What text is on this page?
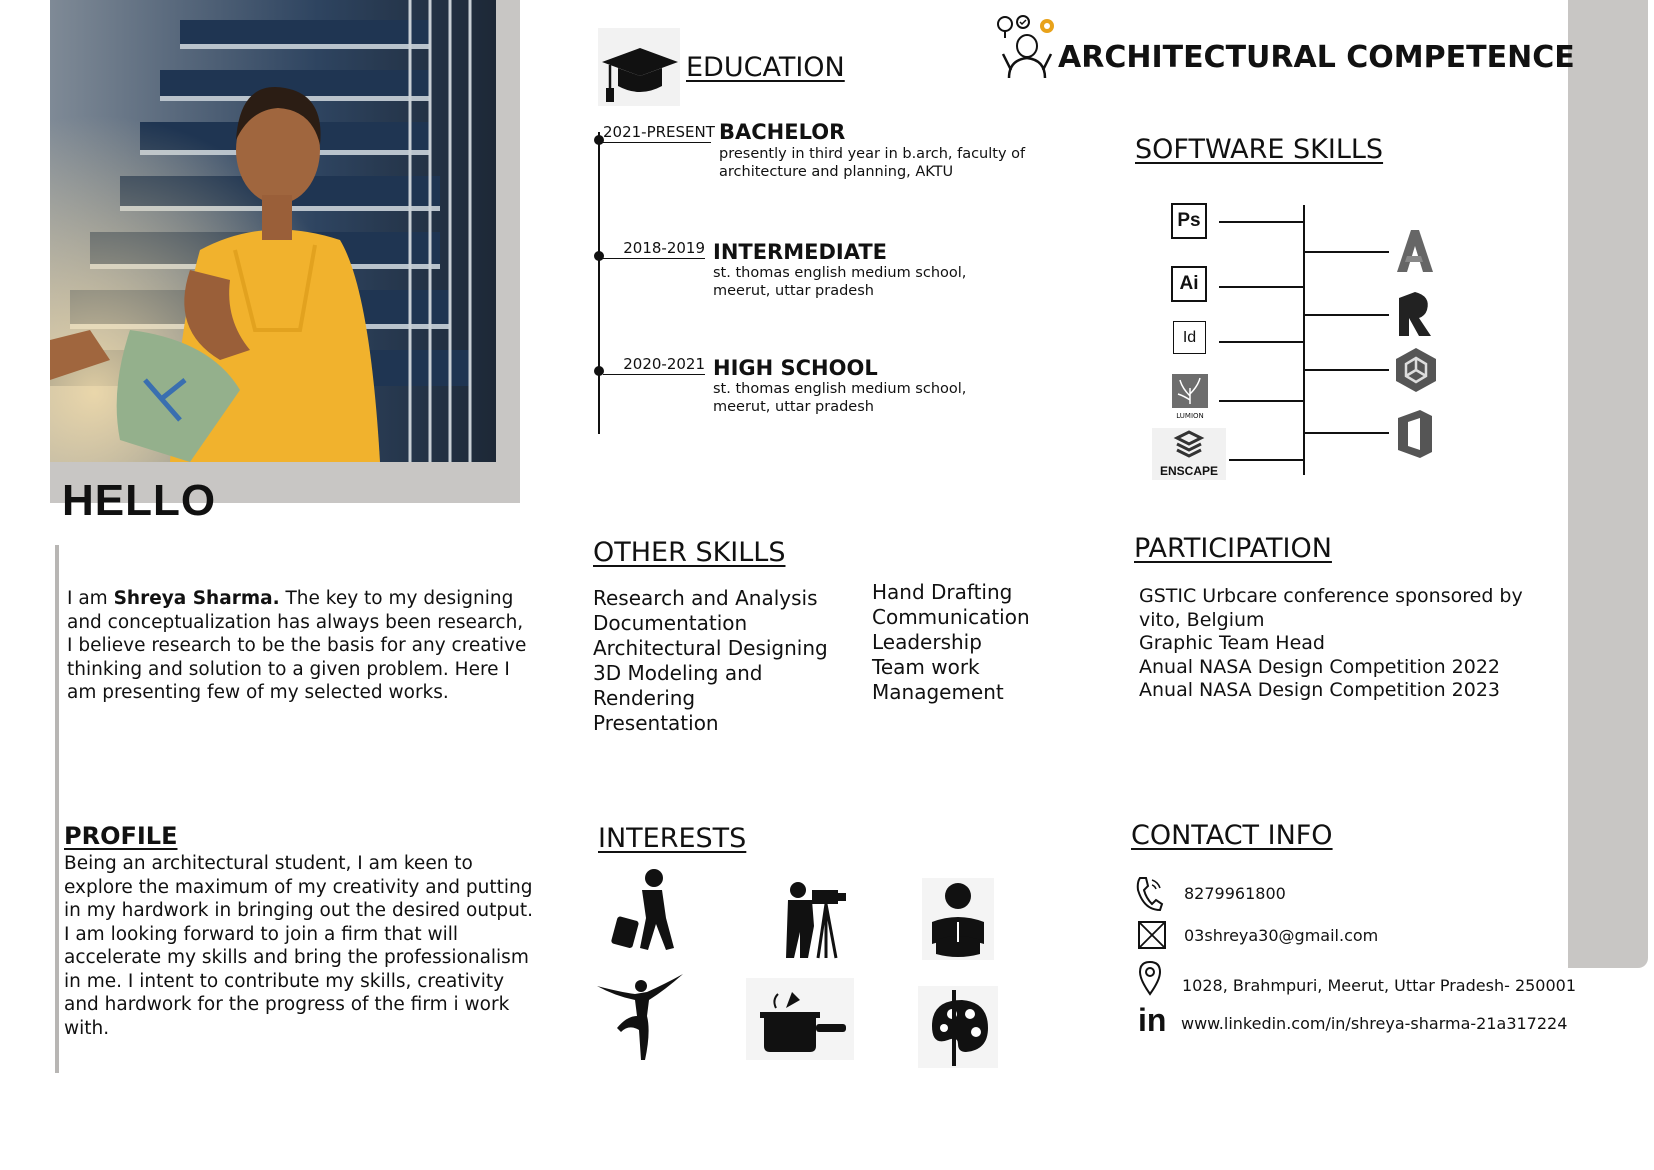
HELLO
I am Shreya Sharma. The key to my designing and conceptualization has always been research, I believe research to be the basis for any creative thinking and solution to a given problem. Here I am presenting few of my selected works.
PROFILE
Being an architectural student, I am keen to explore the maximum of my creativity and putting in my hardwork in bringing out the desired output. I am looking forward to join a firm that will accelerate my skills and bring the professionalism in me. I intent to contribute my skills, creativity and hardwork for the progress of the firm i work with.
EDUCATION
2021-PRESENT BACHELOR
presently in third year in b.arch, faculty of architecture and planning, AKTU
2018-2019 INTERMEDIATE
st. thomas english medium school, meerut, uttar pradesh
2020-2021 HIGH SCHOOL
st. thomas english medium school, meerut, uttar pradesh
ARCHITECTURAL COMPETENCE
SOFTWARE SKILLS
Ps
Ai
Id
LUMION
ENSCAPE
OTHER SKILLS
Research and Analysis
Documentation
Architectural Designing
3D Modeling and
Rendering
Presentation
Hand Drafting
Communication
Leadership
Team work
Management
PARTICIPATION
GSTIC Urbcare conference sponsored by
vito, Belgium
Graphic Team Head
Anual NASA Design Competition 2022
Anual NASA Design Competition 2023
INTERESTS	CONTACT INFO
8279961800
03shreya30@gmail.com
1028, Brahmpuri, Meerut, Uttar Pradesh- 250001
in www.linkedin.com/in/shreya-sharma-21a317224
